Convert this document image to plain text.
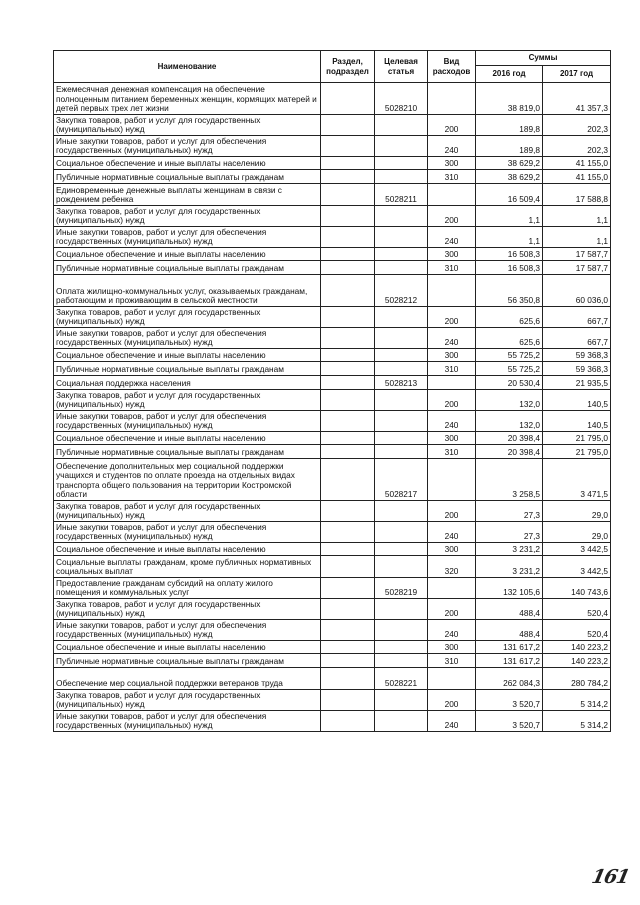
Наименование	Раздел, подраздел	Целевая статья	Вид расходов	Суммы	
				2016 год	2017 год
Ежемесячная денежная компенсация на обеспечение полноценным питанием беременных женщин, кормящих матерей и детей первых трех лет жизни		5028210		38 819,0	41 357,3
Закупка товаров, работ и услуг для государственных (муниципальных) нужд			200	189,8	202,3
Иные закупки товаров, работ и услуг для обеспечения государственных (муниципальных) нужд			240	189,8	202,3
Социальное обеспечение и иные выплаты населению			300	38 629,2	41 155,0
Публичные нормативные социальные выплаты гражданам			310	38 629,2	41 155,0
Единовременные денежные выплаты женщинам в связи с рождением ребенка		5028211		16 509,4	17 588,8
Закупка товаров, работ и услуг для государственных (муниципальных) нужд			200	1,1	1,1
Иные закупки товаров, работ и услуг для обеспечения государственных (муниципальных) нужд			240	1,1	1,1
Социальное обеспечение и иные выплаты населению			300	16 508,3	17 587,7
Публичные нормативные социальные выплаты гражданам			310	16 508,3	17 587,7
Оплата жилищно-коммунальных услуг, оказываемых гражданам, работающим и проживающим в сельской местности		5028212		56 350,8	60 036,0
Закупка товаров, работ и услуг для государственных (муниципальных) нужд			200	625,6	667,7
Иные закупки товаров, работ и услуг для обеспечения государственных (муниципальных) нужд			240	625,6	667,7
Социальное обеспечение и иные выплаты населению			300	55 725,2	59 368,3
Публичные нормативные социальные выплаты гражданам			310	55 725,2	59 368,3
Социальная поддержка населения		5028213		20 530,4	21 935,5
Закупка товаров, работ и услуг для государственных (муниципальных) нужд			200	132,0	140,5
Иные закупки товаров, работ и услуг для обеспечения государственных (муниципальных) нужд			240	132,0	140,5
Социальное обеспечение и иные выплаты населению			300	20 398,4	21 795,0
Публичные нормативные социальные выплаты гражданам			310	20 398,4	21 795,0
Обеспечение дополнительных мер социальной поддержки учащихся и студентов по оплате проезда на отдельных видах транспорта общего пользования на территории Костромской области		5028217		3 258,5	3 471,5
Закупка товаров, работ и услуг для государственных (муниципальных) нужд			200	27,3	29,0
Иные закупки товаров, работ и услуг для обеспечения государственных (муниципальных) нужд			240	27,3	29,0
Социальное обеспечение и иные выплаты населению			300	3 231,2	3 442,5
Социальные выплаты гражданам, кроме публичных нормативных социальных выплат			320	3 231,2	3 442,5
Предоставление гражданам субсидий на оплату жилого помещения и коммунальных услуг		5028219		132 105,6	140 743,6
Закупка товаров, работ и услуг для государственных (муниципальных) нужд			200	488,4	520,4
Иные закупки товаров, работ и услуг для обеспечения государственных (муниципальных) нужд			240	488,4	520,4
Социальное обеспечение и иные выплаты населению			300	131 617,2	140 223,2
Публичные нормативные социальные выплаты гражданам			310	131 617,2	140 223,2
Обеспечение мер социальной поддержки ветеранов труда		5028221		262 084,3	280 784,2
Закупка товаров, работ и услуг для государственных (муниципальных) нужд			200	3 520,7	5 314,2
Иные закупки товаров, работ и услуг для обеспечения государственных (муниципальных) нужд			240	3 520,7	5 314,2
161
